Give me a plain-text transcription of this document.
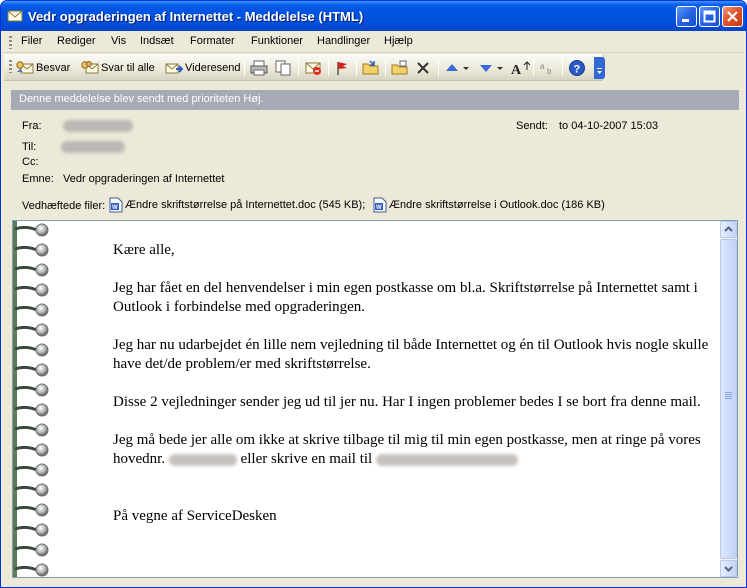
Vedr opgraderingen af Internettet - Meddelelse (HTML)
Filer Rediger Vis Indsæt Formater Funktioner Handlinger Hjælp
Besvar	Svar til alle	Videresend	A a
b ?
Denne meddelelse blev sendt med prioriteten Høj.
Fra:
Til:
Cc:
Emne: Vedr opgraderingen af Internettet
Sendt: to 04-10-2007 15:03
Vedhæftede filer: W Ændre skriftstørrelse på Internettet.doc (545 KB); W Ændre skriftstørrelse i Outlook.doc (186 KB)

Kære alle,

Jeg har fået en del henvendelser i min egen postkasse om bl.a. Skriftstørrelse på Internettet samt i Outlook i forbindelse med opgraderingen.

Jeg har nu udarbejdet én lille nem vejledning til både Internettet og én til Outlook hvis nogle skulle have det/de problem/er med skriftstørrelse.

Disse 2 vejledninger sender jeg ud til jer nu. Har I ingen problemer bedes I se bort fra denne mail.

Jeg må bede jer alle om ikke at skrive tilbage til mig til min egen postkasse, men at ringe på vores hovednr.	eller skrive en mail til

På vegne af ServiceDesken
